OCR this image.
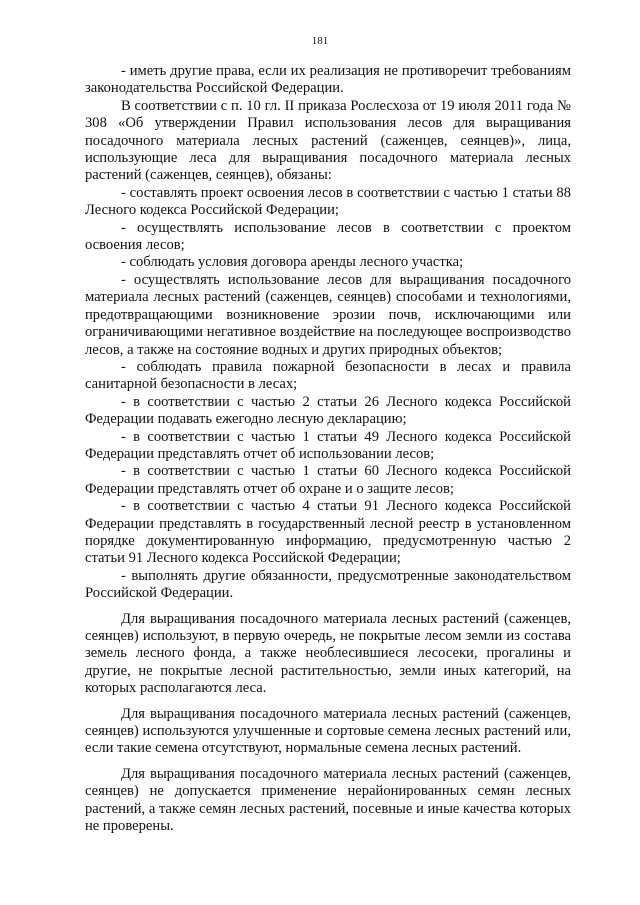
181

- иметь другие права, если их реализация не противоречит требованиям законодательства Российской Федерации.

В соответствии с п. 10 гл. II приказа Рослесхоза от 19 июля 2011 года № 308 «Об утверждении Правил использования лесов для выращивания посадочного материала лесных растений (саженцев, сеянцев)», лица, использующие леса для выращивания посадочного материала лесных растений (саженцев, сеянцев), обязаны:

- составлять проект освоения лесов в соответствии с частью 1 статьи 88 Лесного кодекса Российской Федерации;

- осуществлять использование лесов в соответствии с проектом освоения лесов;

- соблюдать условия договора аренды лесного участка;

- осуществлять использование лесов для выращивания посадочного материала лесных растений (саженцев, сеянцев) способами и технологиями, предотвращающими возникновение эрозии почв, исключающими или ограничивающими негативное воздействие на последующее воспроизводство лесов, а также на состояние водных и других природных объектов;

- соблюдать правила пожарной безопасности в лесах и правила санитарной безопасности в лесах;

- в соответствии с частью 2 статьи 26 Лесного кодекса Российской Федерации подавать ежегодно лесную декларацию;

- в соответствии с частью 1 статьи 49 Лесного кодекса Российской Федерации представлять отчет об использовании лесов;

- в соответствии с частью 1 статьи 60 Лесного кодекса Российской Федерации представлять отчет об охране и о защите лесов;

- в соответствии с частью 4 статьи 91 Лесного кодекса Российской Федерации представлять в государственный лесной реестр в установленном порядке документированную информацию, предусмотренную частью 2 статьи 91 Лесного кодекса Российской Федерации;

- выполнять другие обязанности, предусмотренные законодательством Российской Федерации.

Для выращивания посадочного материала лесных растений (саженцев, сеянцев) используют, в первую очередь, не покрытые лесом земли из состава земель лесного фонда, а также необлесившиеся лесосеки, прогалины и другие, не покрытые лесной растительностью, земли иных категорий, на которых располагаются леса.

Для выращивания посадочного материала лесных растений (саженцев, сеянцев) используются улучшенные и сортовые семена лесных растений или, если такие семена отсутствуют, нормальные семена лесных растений.

Для выращивания посадочного материала лесных растений (саженцев, сеянцев) не допускается применение нерайонированных семян лесных растений, а также семян лесных растений, посевные и иные качества которых не проверены.
